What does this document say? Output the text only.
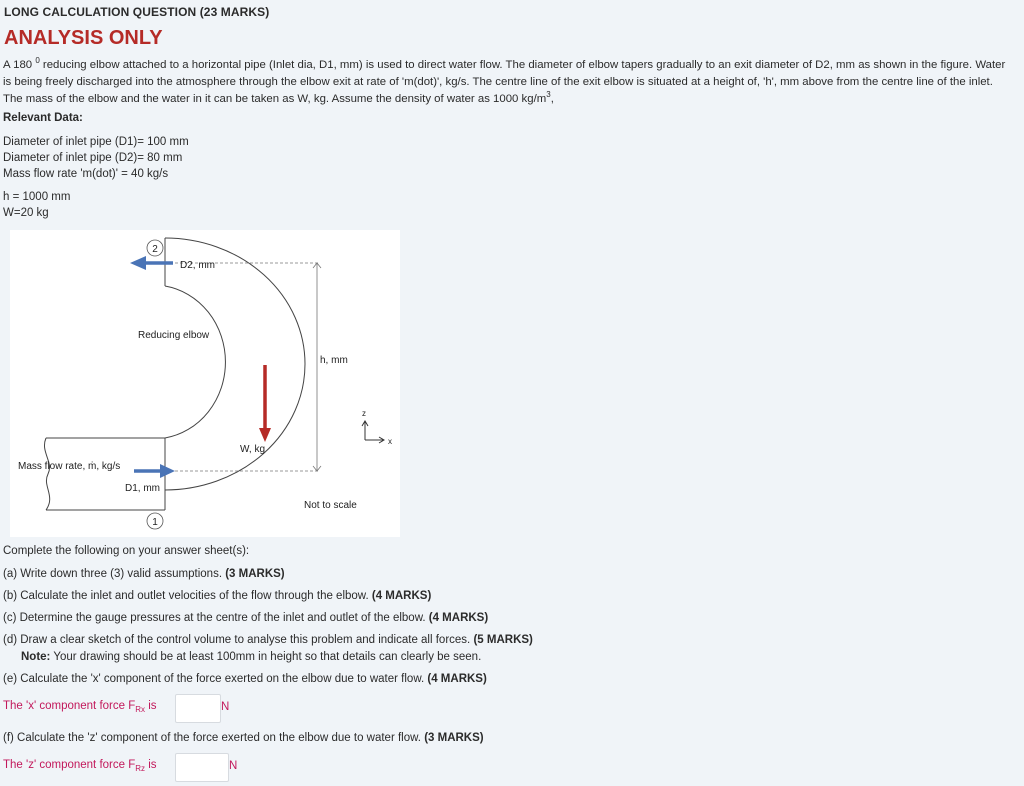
LONG CALCULATION QUESTION (23 MARKS)
ANALYSIS ONLY
A 180 $^0$ reducing elbow attached to a horizontal pipe (Inlet dia, D1, mm) is used to direct water flow. The diameter of elbow tapers gradually to an exit diameter of D2, mm as shown in the figure. Water is being freely discharged into the atmosphere through the elbow exit at rate of 'm(dot)', kg/s. The centre line of the exit elbow is situated at a height of, 'h', mm above from the centre line of the inlet. The mass of the elbow and the water in it can be taken as W, kg. Assume the density of water as 1000 $kg/m^3$,
Relevant Data:
Diameter of inlet pipe (D1)= 100 mm
Diameter of inlet pipe (D2)= 80 mm
Mass flow rate 'm(dot)' = 40 kg/s
h = 1000 mm
W=20 kg
2
1
D2, mm
Reducing elbow
h, mm
z
x
W, kg
Mass flow rate, ṁ, kg/s
D1, mm
Not to scale
Complete the following on your answer sheet(s):
(a) Write down three (3) valid assumptions. (3 MARKS)
(b) Calculate the inlet and outlet velocities of the flow through the elbow. (4 MARKS)
(c) Determine the gauge pressures at the centre of the inlet and outlet of the elbow. (4 MARKS)
(d) Draw a clear sketch of the control volume to analyse this problem and indicate all forces. (5 MARKS)
Note: Your drawing should be at least 100mm in height so that details can clearly be seen.
(e) Calculate the 'x' component of the force exerted on the elbow due to water flow. (4 MARKS)
The 'x' component force $F_{Rx}$ is	N
(f) Calculate the 'z' component of the force exerted on the elbow due to water flow. (3 MARKS)
The 'z' component force $F_{Rz}$ is	N
